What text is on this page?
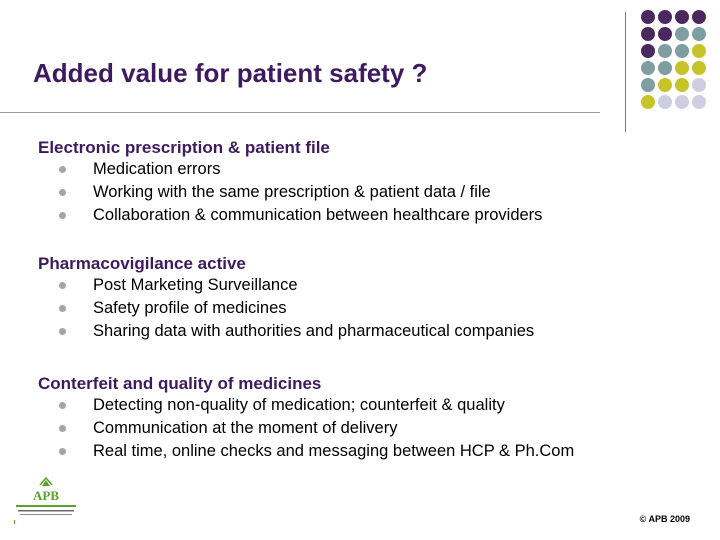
Added value for patient safety ?
Electronic prescription & patient file
Medication errors
Working with the same prescription & patient data / file
Collaboration & communication between healthcare providers
Pharmacovigilance active
Post Marketing Surveillance
Safety profile of medicines
Sharing data with authorities and pharmaceutical companies
Conterfeit and quality of medicines
Detecting non-quality of medication; counterfeit & quality
Communication at the moment of delivery
Real time, online checks and messaging between HCP & Ph.Com
APB
© APB 2009
